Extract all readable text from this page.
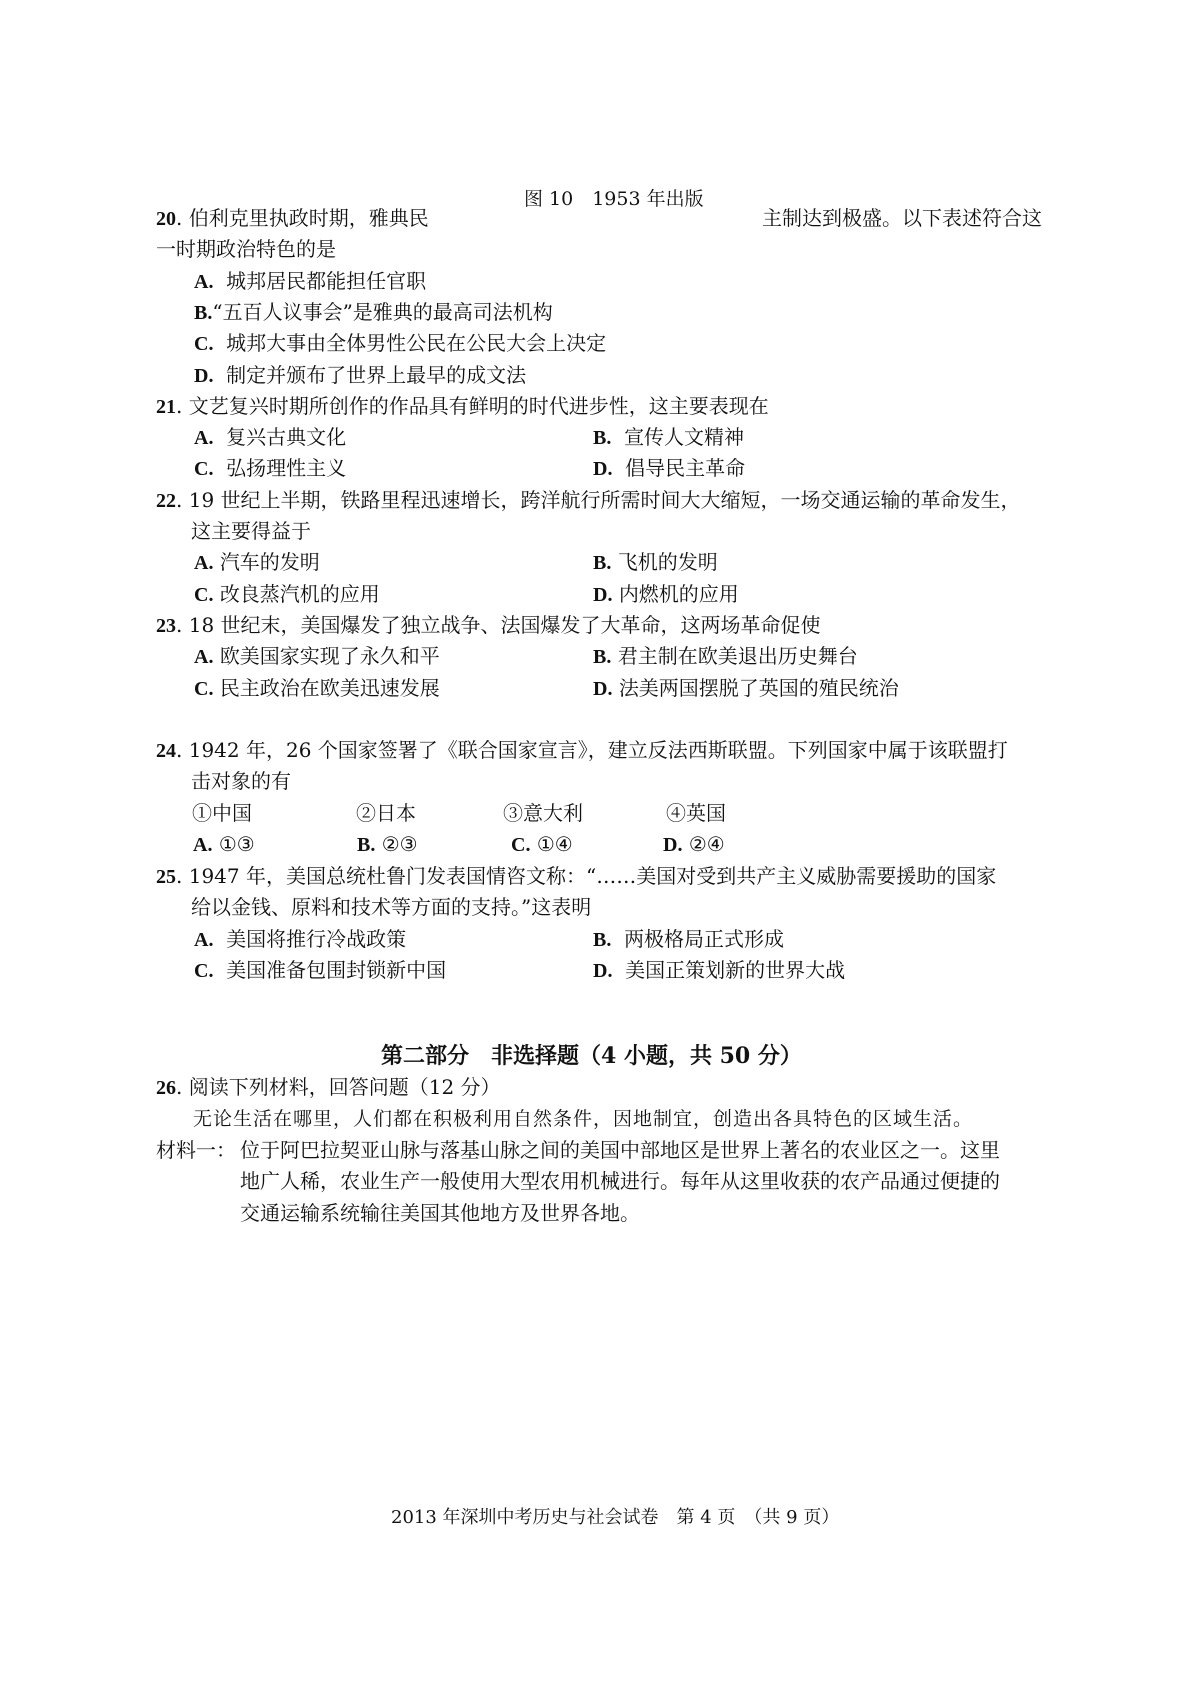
图 10　1953 年出版
20. 伯利克里执政时期，雅典民	主制达到极盛。以下表述符合这
一时期政治特色的是
A. 城邦居民都能担任官职
B.“五百人议事会”是雅典的最高司法机构
C. 城邦大事由全体男性公民在公民大会上决定
D. 制定并颁布了世界上最早的成文法
21. 文艺复兴时期所创作的作品具有鲜明的时代进步性，这主要表现在
A. 复兴古典文化	B. 宣传人文精神
C. 弘扬理性主义	D. 倡导民主革命
22. 19 世纪上半期，铁路里程迅速增长，跨洋航行所需时间大大缩短，一场交通运输的革命发生，
这主要得益于
A. 汽车的发明	B. 飞机的发明
C. 改良蒸汽机的应用	D. 内燃机的应用
23. 18 世纪末，美国爆发了独立战争、法国爆发了大革命，这两场革命促使
A. 欧美国家实现了永久和平	B. 君主制在欧美退出历史舞台
C. 民主政治在欧美迅速发展	D. 法美两国摆脱了英国的殖民统治
24. 1942 年，26 个国家签署了《联合国家宣言》，建立反法西斯联盟。下列国家中属于该联盟打
击对象的有
①中国	②日本	③意大利	④英国
A. ①③	B. ②③	C. ①④	D. ②④
25. 1947 年，美国总统杜鲁门发表国情咨文称：“……美国对受到共产主义威胁需要援助的国家
给以金钱、原料和技术等方面的支持。”这表明
A. 美国将推行冷战政策	B. 两极格局正式形成
C. 美国准备包围封锁新中国	D. 美国正策划新的世界大战
第二部分　非选择题（4 小题，共 50 分）
26. 阅读下列材料，回答问题（12 分）
无论生活在哪里，人们都在积极利用自然条件，因地制宜，创造出各具特色的区域生活。
材料一： 位于阿巴拉契亚山脉与落基山脉之间的美国中部地区是世界上著名的农业区之一。这里
地广人稀，农业生产一般使用大型农用机械进行。每年从这里收获的农产品通过便捷的
交通运输系统输往美国其他地方及世界各地。
2013 年深圳中考历史与社会试卷　第 4 页　（共 9 页）
